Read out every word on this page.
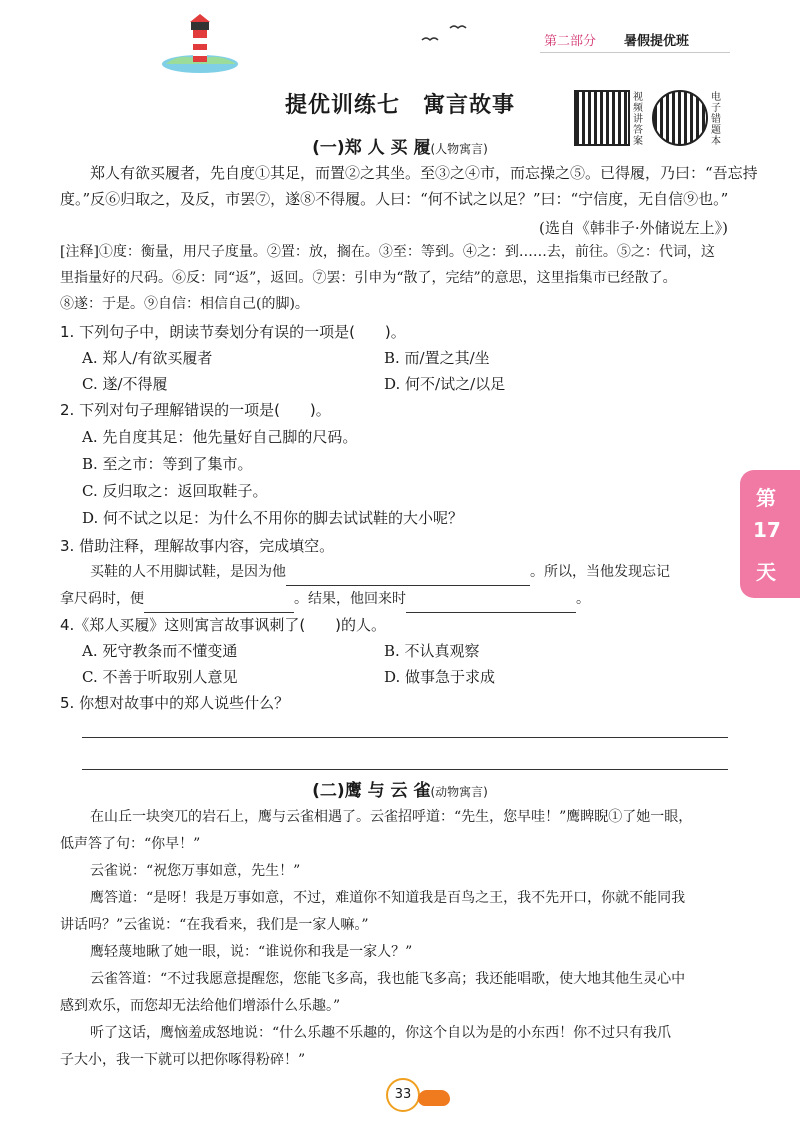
第二部分 暑假提优班
提优训练七　寓言故事	视频讲答案
电子错题本
(一)郑 人 买 履(人物寓言)

郑人有欲买履者，先自度①其足，而置②之其坐。至③之④市，而忘操之⑤。已得履，乃曰：“吾忘持

度。”反⑥归取之，及反，市罢⑦，遂⑧不得履。人曰：“何不试之以足？”曰：“宁信度，无自信⑨也。”

(选自《韩非子·外储说左上》)

[注释]①度：衡量，用尺子度量。②置：放，搁在。③至：等到。④之：到……去，前往。⑤之：代词，这

里指量好的尺码。⑥反：同“返”，返回。⑦罢：引申为“散了，完结”的意思，这里指集市已经散了。

⑧遂：于是。⑨自信：相信自己(的脚)。

1. 下列句子中，朗读节奏划分有误的一项是(　　)。

A. 郑人/有欲买履者	B. 而/置之其/坐

C. 遂/不得履	D. 何不/试之/以足

2. 下列对句子理解错误的一项是(　　)。

A. 先自度其足：他先量好自己脚的尺码。

B. 至之市：等到了集市。

C. 反归取之：返回取鞋子。

D. 何不试之以足：为什么不用你的脚去试试鞋的大小呢？

3. 借助注释，理解故事内容，完成填空。

买鞋的人不用脚试鞋，是因为他	。所以，当他发现忘记

拿尺码时，便	。结果，他回来时	。

4.《郑人买履》这则寓言故事讽刺了(　　)的人。

A. 死守教条而不懂变通	B. 不认真观察

C. 不善于听取别人意见	D. 做事急于求成

5. 你想对故事中的郑人说些什么？

(二)鹰 与 云 雀(动物寓言)

在山丘一块突兀的岩石上，鹰与云雀相遇了。云雀招呼道：“先生，您早哇！”鹰睥睨①了她一眼，

低声答了句：“你早！”

云雀说：“祝您万事如意，先生！”

鹰答道：“是呀！我是万事如意，不过，难道你不知道我是百鸟之王，我不先开口，你就不能同我

讲话吗？”云雀说：“在我看来，我们是一家人嘛。”

鹰轻蔑地瞅了她一眼，说：“谁说你和我是一家人？”

云雀答道：“不过我愿意提醒您，您能飞多高，我也能飞多高；我还能唱歌，使大地其他生灵心中

感到欢乐，而您却无法给他们增添什么乐趣。”

听了这话，鹰恼羞成怒地说：“什么乐趣不乐趣的，你这个自以为是的小东西！你不过只有我爪

子大小，我一下就可以把你啄得粉碎！”

第
17
天
33
